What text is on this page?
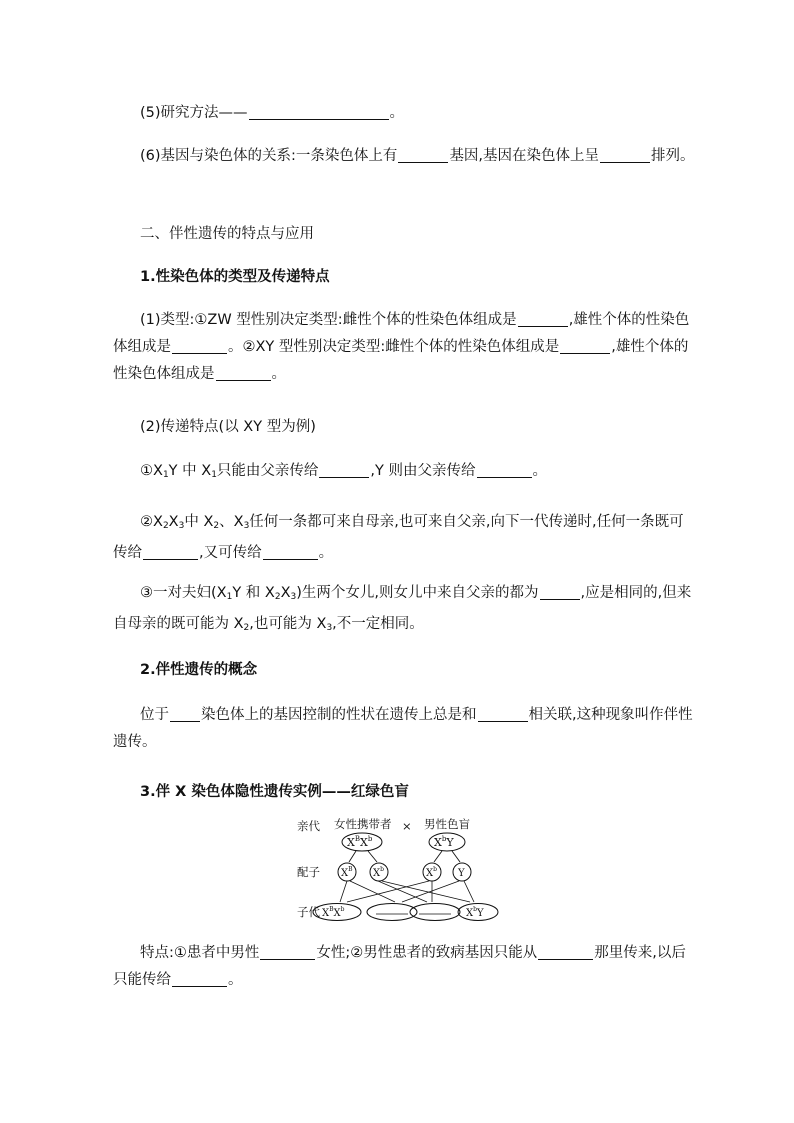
(5)研究方法——	。
(6)基因与染色体的关系:一条染色体上有	基因,基因在染色体上呈	排列。
二、伴性遗传的特点与应用
1.性染色体的类型及传递特点
(1)类型:①ZW 型性别决定类型:雌性个体的性染色体组成是	,雄性个体的性染色体组成是	。②XY 型性别决定类型:雌性个体的性染色体组成是	,雄性个体的性染色体组成是	。
(2)传递特点(以 XY 型为例)
$①X_1Y$ 中 $X_1$只能由父亲传给	,Y 则由父亲传给	。
$②X_2X_3$中 $X_2$、$X_3$任何一条都可来自母亲,也可来自父亲,向下一代传递时,任何一条既可传给	,又可传给	。
③一对夫妇($X_1Y$ 和 $X_2X_3$)生两个女儿,则女儿中来自父亲的都为	,应是相同的,但来自母亲的既可能为 $X_2$,也可能为 $X_3$,不一定相同。
2.伴性遗传的概念
位于 染色体上的基因控制的性状在遗传上总是和	相关联,这种现象叫作伴性遗传。
3.伴 X 染色体隐性遗传实例——红绿色盲
亲代
配子
子代
女性携带者 × 男性色盲
$X^BX^b$	$X^bY$
$X^B$ $X^b$	$X^b$ Y
$X^BX^b$	$X^bY$
特点:①患者中男性	女性;②男性患者的致病基因只能从	那里传来,以后只能传给	。
